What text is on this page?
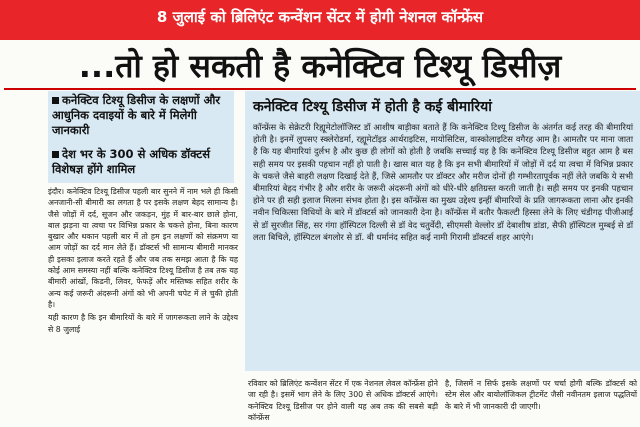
8 जुलाई को ब्रिलिएंट कन्वेंशन सेंटर में होगी नेशनल कॉन्फ्रेंस
...तो हो सकती है कनेक्टिव टिश्यू डिसीज़
कनेक्टिव टिश्यू डिसीज के लक्षणों और आधुनिक दवाइयों के बारे में मिलेगी जानकारी
देश भर के 300 से अधिक डॉक्टर्स विशेषज्ञ होंगे शामिल

इंदौर। कनेक्टिव टिश्यू डिसीज पहली बार सुनने में नाम भले ही किसी अनजानी-सी बीमारी का लगता है पर इसके लक्षण बेहद सामान्य है। जैसे जोड़ों में दर्द, सूजन और जकड़न, मुंह में बार-बार छाले होना, बाल झड़ना या त्वचा पर विभिन्न प्रकार के चकत्ते होना, बिना कारण बुखार और थकान पहली बार में तो हम इन लक्षणों को संक्रमण या आम जोड़ों का दर्द मान लेते हैं। डॉक्टर्स भी सामान्य बीमारी मानकर ही इसका इलाज करते रहते हैं और जब तक समझ आता है कि यह कोई आम समस्या नहीं बल्कि कनेक्टिव टिश्यू डिसीज है तब तक यह बीमारी आंखों, किडनी, लिवर, फेफड़ें और मस्तिष्क सहित शरीर के अन्य कई जरूरी अंदरूनी अंगों को भी अपनी चपेट में ले चुकी होती है।

यही कारण है कि इन बीमारियों के बारे में जागरूकता लाने के उद्देश्य से 8 जुलाई

कनेक्टिव टिश्यू डिसीज में होती है कई बीमारियां
कॉन्फ्रेंस के सेक्रेटरी रिह्यूमेटोलॉजिस्ट डॉ आशीष बाड़ीका बताते हैं कि कनेक्टिव टिश्यू डिसीज के अंतर्गत कई तरह की बीमारियां होती है। इनमें लुपसए स्क्लेरोडर्मा, रह्यूमेटॉइड आर्थराइटिस, मायोसिटिस, वास्कोलाइटिस वगैरह आम है। आमतौर पर माना जाता है कि यह बीमारियां दुर्लभ है और कुछ ही लोगों को होती है जबकि सच्चाई यह है कि कनेक्टिव टिश्यू डिसीज बहुत आम है बस सही समय पर इसकी पहचान नहीं हो पाती है। खास बात यह है कि इन सभी बीमारियों में जोड़ों में दर्द या त्वचा में विभिन्न प्रकार के चकत्ते जैसे बाहरी लक्षण दिखाई देते हैं, जिसे आमतौर पर डॉक्टर और मरीज दोनों ही गम्भीरतापूर्वक नहीं लेते जबकि ये सभी बीमारियां बेहद गंभीर है और शरीर के जरूरी अंदरूनी अंगों को धीरे-धीरे क्षतिग्रस्त करती जाती है। सही समय पर इनकी पहचान होने पर ही सही इलाज मिलना संभव होता है। इस कॉन्फ्रेंस का मुख्य उद्देश्य इन्हीं बीमारियों के प्रति जागरूकता लाना और इनकी नवीन चिकित्सा विधियों के बारे में डॉक्टर्स को जानकारी देना है। कॉन्फ्रेंस में बतौर फैकल्टी हिस्सा लेने के लिए चंडीगढ़ पीजीआई से डॉ सुरजीत सिंह, सर गंगा हॉस्पिटल दिल्ली से डॉ वेद चतुर्वेदी, सीएमसी वेल्लोर डॉ देबाशीष डांडा, सैफी हॉस्पिटल मुम्बई से डॉ लता बिचिले, हॉस्पिटल बंगलोर से डॉ. बी धर्मानंद सहित कई नामी गिरामी डॉक्टर्स शहर आएंगे।
रविवार को ब्रिलिएंट कन्वेंशन सेंटर में एक नेशनल लेवल कॉन्फ्रेंस होने जा रही है। इसमें भाग लेने के लिए 300 से अधिक डॉक्टर्स आएंगे। कनेक्टिव टिश्यू डिसीज पर होने वाली यह अब तक की सबसे बड़ी कॉन्फ्रेंस
है, जिसमें न सिर्फ इसके लक्षणों पर चर्चा होगी बल्कि डॉक्टर्स को स्टेम सेल और बायोलॉजिकल ट्रीटमेंट जैसी नवीनतम इलाज पद्धतियों के बारे में भी जानकारी दी जाएगी।
